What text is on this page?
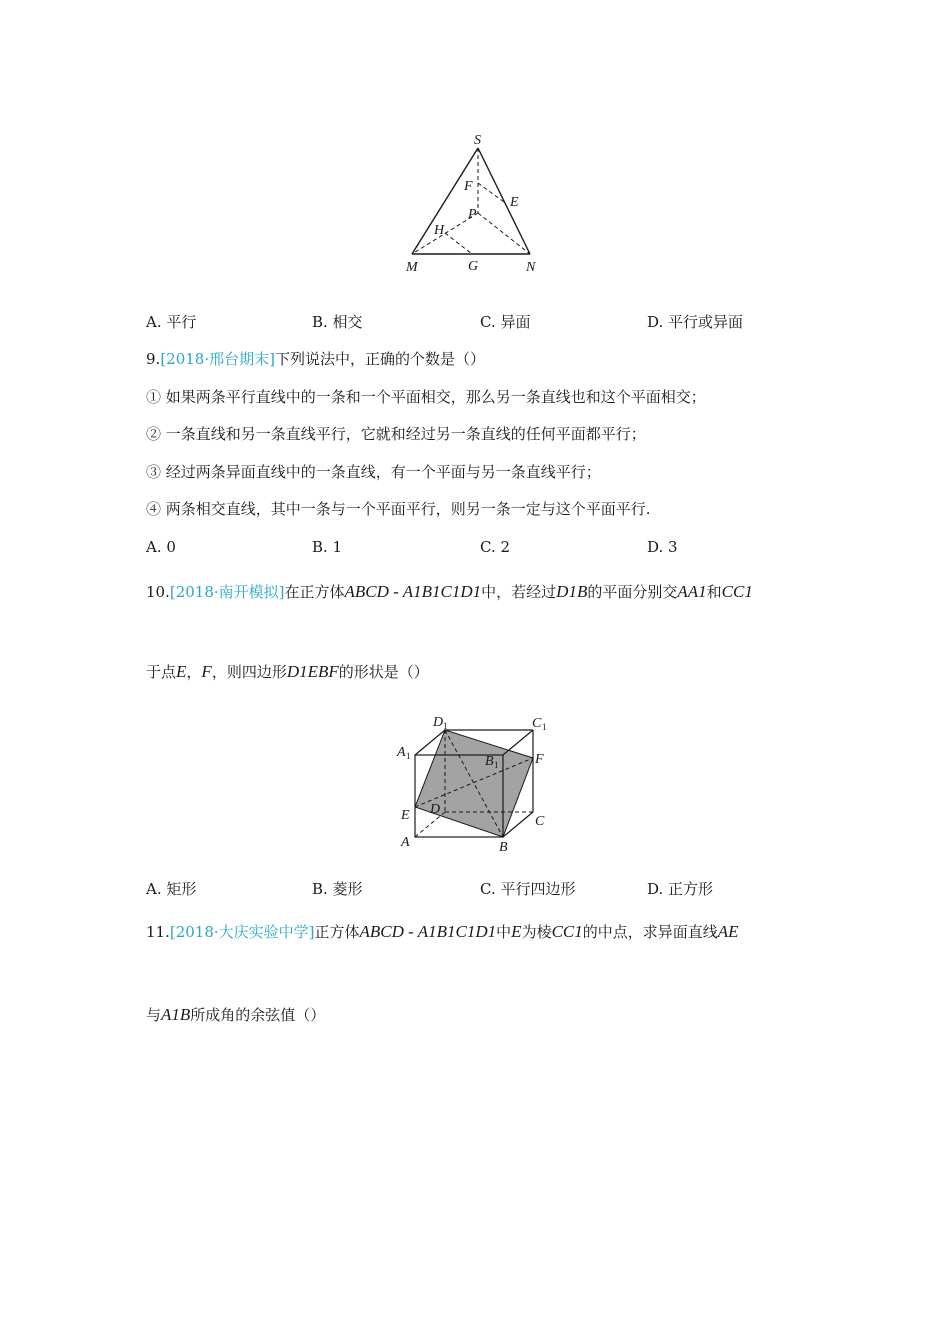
S
F
E
P
H
M	G	N
A. 平行	B. 相交	C. 异面	D. 平行或异面
9.[2018·邢台期末]下列说法中，正确的个数是（）
① 如果两条平行直线中的一条和一个平面相交，那么另一条直线也和这个平面相交；
② 一条直线和另一条直线平行，它就和经过另一条直线的任何平面都平行；
③ 经过两条异面直线中的一条直线，有一个平面与另一条直线平行；
④ 两条相交直线，其中一条与一个平面平行，则另一条一定与这个平面平行.
A. 0	B. 1	C. 2	D. 3
10.[2018·南开模拟]在正方体ABCD - A1B1C1D1中，若经过D1B的平面分别交AA1和CC1
于点E，F，则四边形D1EBF的形状是（）
D 1	C 1
A 1	B 1	F
E D
C
A	B
A. 矩形	B. 菱形	C. 平行四边形	D. 正方形
11.[2018·大庆实验中学]正方体ABCD - A1B1C1D1中E为棱CC1的中点，求异面直线AE
与A1B所成角的余弦值（）
